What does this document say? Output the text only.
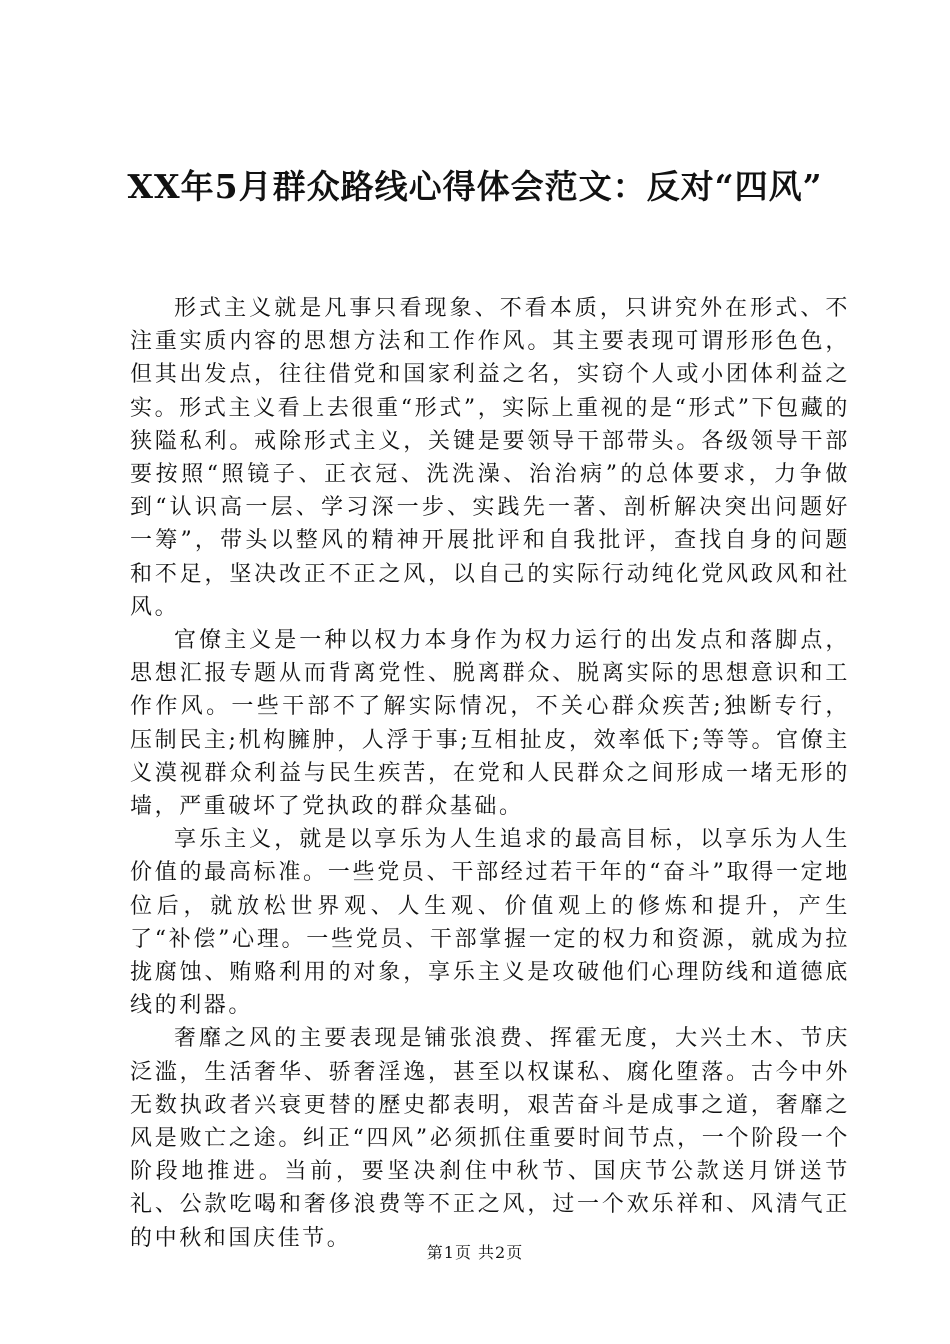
XX年5月群众路线心得体会范文：反对“四风”

形式主义就是凡事只看现象、不看本质，只讲究外在形式、不注重实质内容的思想方法和工作作风。其主要表现可谓形形色色，但其出发点，往往借党和国家利益之名，实窃个人或小团体利益之实。形式主义看上去很重“形式”，实际上重视的是“形式”下包藏的狭隘私利。戒除形式主义，关键是要领导干部带头。各级领导干部要按照“照镜子、正衣冠、洗洗澡、治治病”的总体要求，力争做到“认识高一层、学习深一步、实践先一著、剖析解决突出问题好一筹”，带头以整风的精神开展批评和自我批评，查找自身的问题和不足，坚决改正不正之风，以自己的实际行动纯化党风政风和社风。

官僚主义是一种以权力本身作为权力运行的出发点和落脚点，思想汇报专题从而背离党性、脱离群众、脱离实际的思想意识和工作作风。一些干部不了解实际情况，不关心群众疾苦;独断专行，压制民主;机构臃肿，人浮于事;互相扯皮，效率低下;等等。官僚主义漠视群众利益与民生疾苦，在党和人民群众之间形成一堵无形的墙，严重破坏了党执政的群众基础。

享乐主义，就是以享乐为人生追求的最高目标，以享乐为人生价值的最高标准。一些党员、干部经过若干年的“奋斗”取得一定地位后，就放松世界观、人生观、价值观上的修炼和提升，产生了“补偿”心理。一些党员、干部掌握一定的权力和资源，就成为拉拢腐蚀、贿赂利用的对象，享乐主义是攻破他们心理防线和道德底线的利器。

奢靡之风的主要表现是铺张浪费、挥霍无度，大兴土木、节庆泛滥，生活奢华、骄奢淫逸，甚至以权谋私、腐化堕落。古今中外无数执政者兴衰更替的歷史都表明，艰苦奋斗是成事之道，奢靡之风是败亡之途。纠正“四风”必须抓住重要时间节点，一个阶段一个阶段地推进。当前，要坚决刹住中秋节、国庆节公款送月饼送节礼、公款吃喝和奢侈浪费等不正之风，过一个欢乐祥和、风清气正的中秋和国庆佳节。

第1页 共2页
